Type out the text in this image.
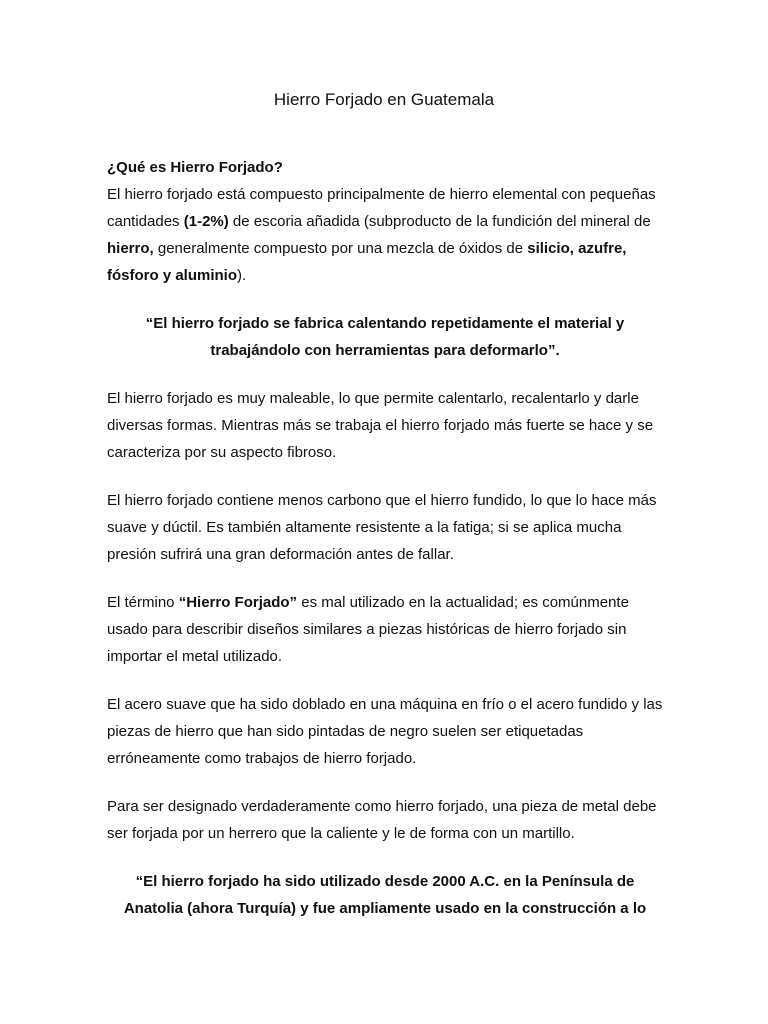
Hierro Forjado en Guatemala
¿Qué es Hierro Forjado?

El hierro forjado está compuesto principalmente de hierro elemental con pequeñas cantidades (1-2%) de escoria añadida (subproducto de la fundición del mineral de hierro, generalmente compuesto por una mezcla de óxidos de silicio, azufre, fósforo y aluminio).

“El hierro forjado se fabrica calentando repetidamente el material y trabajándolo con herramientas para deformarlo”.

El hierro forjado es muy maleable, lo que permite calentarlo, recalentarlo y darle diversas formas. Mientras más se trabaja el hierro forjado más fuerte se hace y se caracteriza por su aspecto fibroso.

El hierro forjado contiene menos carbono que el hierro fundido, lo que lo hace más suave y dúctil. Es también altamente resistente a la fatiga; si se aplica mucha presión sufrirá una gran deformación antes de fallar.

El término “Hierro Forjado” es mal utilizado en la actualidad; es comúnmente usado para describir diseños similares a piezas históricas de hierro forjado sin importar el metal utilizado.

El acero suave que ha sido doblado en una máquina en frío o el acero fundido y las piezas de hierro que han sido pintadas de negro suelen ser etiquetadas erróneamente como trabajos de hierro forjado.

Para ser designado verdaderamente como hierro forjado, una pieza de metal debe ser forjada por un herrero que la caliente y le de forma con un martillo.

“El hierro forjado ha sido utilizado desde 2000 A.C. en la Península de Anatolia (ahora Turquía) y fue ampliamente usado en la construcción a lo
